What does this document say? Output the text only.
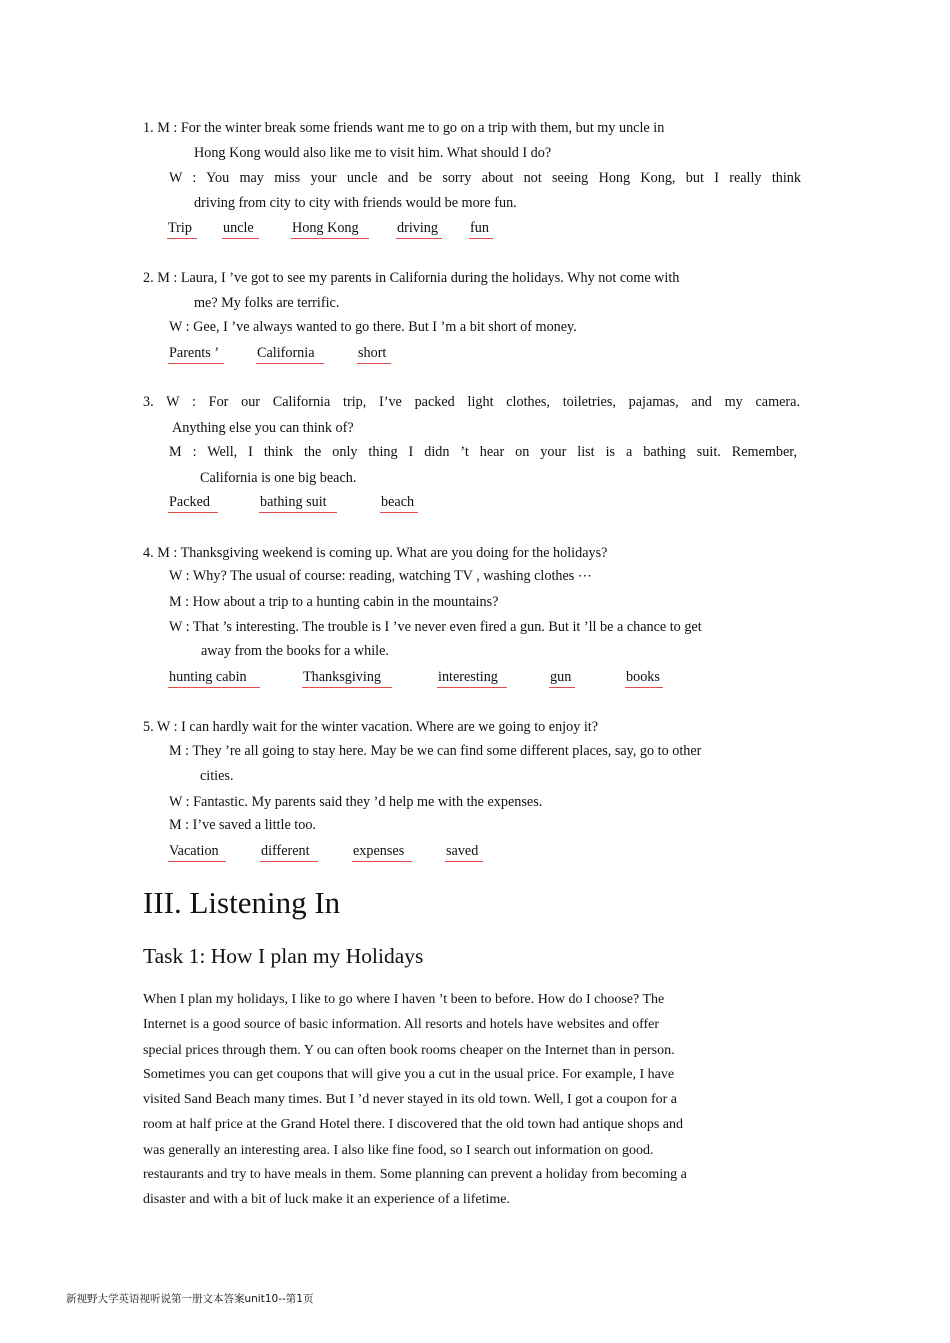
1. M : For the winter break some friends want me to go on a trip with them, but my uncle in
Hong Kong would also like me to visit him. What should I do?
W : You may miss your uncle and be sorry about not seeing Hong Kong, but I really think
driving from city to city with friends would be more fun.
Trip uncle	Hong Kong	driving fun
2. M : Laura, I ’ve got to see my parents in California during the holidays. Why not come with
me? My folks are terrific.
W : Gee, I ’ve always wanted to go there. But I ’m a bit short of money.
Parents ’	California	short
3. W : For our California trip, I’ve packed light clothes, toiletries, pajamas, and my camera.
Anything else you can think of?
M : Well, I think the only thing I didn ’t hear on your list is a bathing suit. Remember,
California is one big beach.
Packed	bathing suit	beach
4. M : Thanksgiving weekend is coming up. What are you doing for the holidays?
W : Why? The usual of course: reading, watching TV , washing clothes ⋯
M : How about a trip to a hunting cabin in the mountains?
W : That ’s interesting. The trouble is I ’ve never even fired a gun. But it ’ll be a chance to get
away from the books for a while.
hunting cabin	Thanksgiving	interesting	gun	books
5. W : I can hardly wait for the winter vacation. Where are we going to enjoy it?
M : They ’re all going to stay here. May be we can find some different places, say, go to other
cities.
W : Fantastic. My parents said they ’d help me with the expenses.
M : I’ve saved a little too.
Vacation	different	expenses	saved
III. Listening In
Task 1: How I plan my Holidays
When I plan my holidays, I like to go where I haven ’t been to before. How do I choose? The
Internet is a good source of basic information. All resorts and hotels have websites and offer
special prices through them. Y ou can often book rooms cheaper on the Internet than in person.
Sometimes you can get coupons that will give you a cut in the usual price. For example, I have
visited Sand Beach many times. But I ’d never stayed in its old town. Well, I got a coupon for a
room at half price at the Grand Hotel there. I discovered that the old town had antique shops and
was generally an interesting area. I also like fine food, so I search out information on good.
restaurants and try to have meals in them. Some planning can prevent a holiday from becoming a
disaster and with a bit of luck make it an experience of a lifetime.
新视野大学英语视听说第一册文本答案unit10--第1页
